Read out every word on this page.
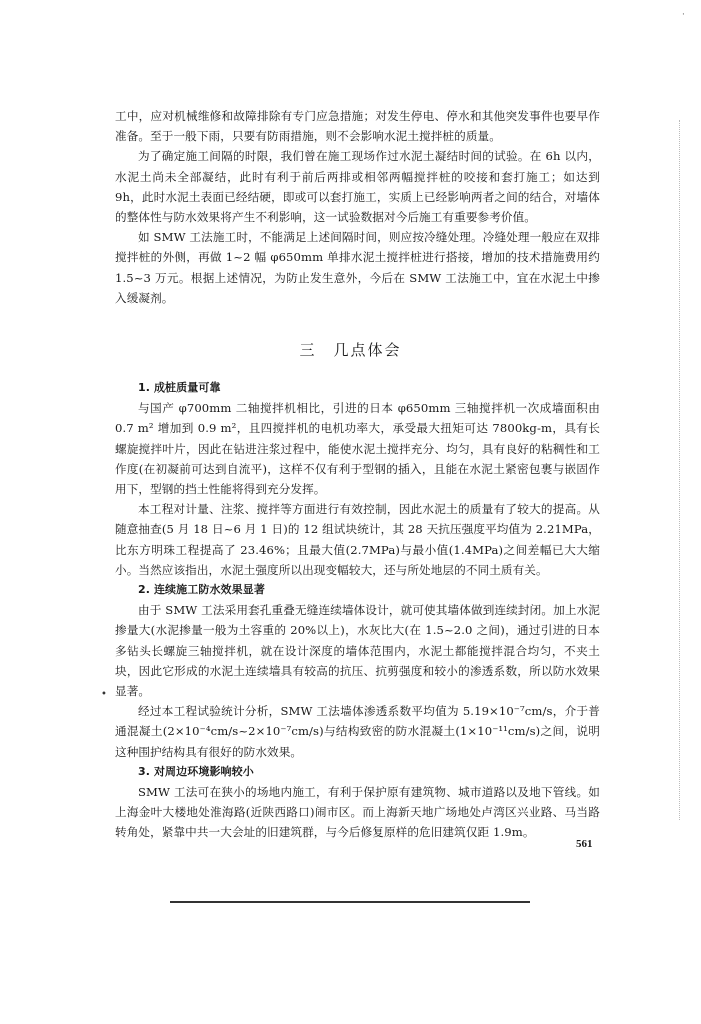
·

工中，应对机械维修和故障排除有专门应急措施；对发生停电、停水和其他突发事件也要早作准备。至于一般下雨，只要有防雨措施，则不会影响水泥土搅拌桩的质量。

为了确定施工间隔的时限，我们曾在施工现场作过水泥土凝结时间的试验。在 6h 以内，水泥土尚未全部凝结，此时有利于前后两排或相邻两幅搅拌桩的咬接和套打施工；如达到 9h，此时水泥土表面已经结硬，即或可以套打施工，实质上已经影响两者之间的结合，对墙体的整体性与防水效果将产生不利影响，这一试验数据对今后施工有重要参考价值。

如 SMW 工法施工时，不能满足上述间隔时间，则应按冷缝处理。冷缝处理一般应在双排搅拌桩的外侧，再做 1~2 幅 φ650mm 单排水泥土搅拌桩进行搭接，增加的技术措施费用约 1.5~3 万元。根据上述情况，为防止发生意外，今后在 SMW 工法施工中，宜在水泥土中掺入缓凝剂。

三　几点体会

1. 成桩质量可靠

与国产 φ700mm 二轴搅拌机相比，引进的日本 φ650mm 三轴搅拌机一次成墙面积由 0.7 m² 增加到 0.9 m²，且四搅拌机的电机功率大，承受最大扭矩可达 7800kg-m，具有长螺旋搅拌叶片，因此在钻进注浆过程中，能使水泥土搅拌充分、均匀，具有良好的粘稠性和工作度(在初凝前可达到自流平)，这样不仅有利于型钢的插入，且能在水泥土紧密包裹与嵌固作用下，型钢的挡土性能将得到充分发挥。

本工程对计量、注浆、搅拌等方面进行有效控制，因此水泥土的质量有了较大的提高。从随意抽查(5 月 18 日~6 月 1 日)的 12 组试块统计，其 28 天抗压强度平均值为 2.21MPa，比东方明珠工程提高了 23.46%；且最大值(2.7MPa)与最小值(1.4MPa)之间差幅已大大缩小。当然应该指出，水泥土强度所以出现变幅较大，还与所处地层的不同土质有关。

2. 连续施工防水效果显著

由于 SMW 工法采用套孔重叠无缝连续墙体设计，就可使其墙体做到连续封闭。加上水泥掺量大(水泥掺量一般为土容重的 20%以上)，水灰比大(在 1.5~2.0 之间)，通过引进的日本多钻头长螺旋三轴搅拌机，就在设计深度的墙体范围内，水泥土都能搅拌混合均匀，不夹土块，因此它形成的水泥土连续墙具有较高的抗压、抗剪强度和较小的渗透系数，所以防水效果显著。

经过本工程试验统计分析，SMW 工法墙体渗透系数平均值为 5.19×10⁻⁷cm/s，介于普通混凝土(2×10⁻⁴cm/s~2×10⁻⁷cm/s)与结构致密的防水混凝土(1×10⁻¹¹cm/s)之间，说明这种围护结构具有很好的防水效果。

3. 对周边环境影响较小

SMW 工法可在狭小的场地内施工，有利于保护原有建筑物、城市道路以及地下管线。如上海金叶大楼地处淮海路(近陕西路口)闹市区。而上海新天地广场地处卢湾区兴业路、马当路转角处，紧靠中共一大会址的旧建筑群，与今后修复原样的危旧建筑仅距 1.9m。

•
561
